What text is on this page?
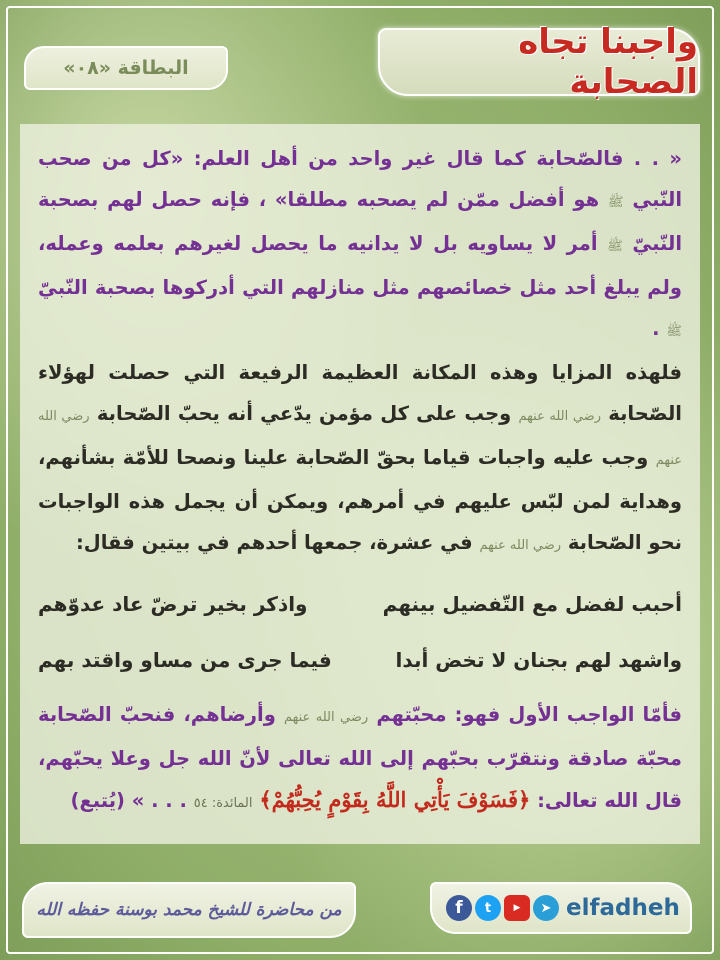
واجبنا تجاه الصحابة
البطاقة «٠٨»

« . . فالصّحابة كما قال غير واحد من أهل العلم: «كل من صحب النّبي ﷺ هو أفضل ممّن لم يصحبه مطلقا» ، فإنه حصل لهم بصحبة النّبيّ ﷺ أمر لا يساويه بل لا يدانيه ما يحصل لغيرهم بعلمه وعمله، ولم يبلغ أحد مثل خصائصهم مثل منازلهم التي أدركوها بصحبة النّبيّ ﷺ .

فلهذه المزايا وهذه المكانة العظيمة الرفيعة التي حصلت لهؤلاء الصّحابة رضي الله عنهم وجب على كل مؤمن يدّعي أنه يحبّ الصّحابة رضي الله عنهم وجب عليه واجبات قياما بحقّ الصّحابة علينا ونصحا للأمّة بشأنهم، وهداية لمن لبّس عليهم في أمرهم، ويمكن أن يجمل هذه الواجبات نحو الصّحابة رضي الله عنهم في عشرة، جمعها أحدهم في بيتين فقال:

أحبب لفضل مع التّفضيل بينهم
واذكر بخير ترضّ عاد عدوّهم
واشهد لهم بجنان لا تخض أبدا
فيما جرى من مساو واقتد بهم

فأمّا الواجب الأول فهو: محبّتهم رضي الله عنهم وأرضاهم، فنحبّ الصّحابة محبّة صادقة ونتقرّب بحبّهم إلى الله تعالى لأنّ الله جل وعلا يحبّهم، قال الله تعالى: ﴿فَسَوْفَ يَأْتِي اللَّهُ بِقَوْمٍ يُحِبُّهُمْ﴾ المائدة: ٥٤ . . . » (يُتبع)

من محاضرة للشيخ محمد بوسنة حفظه الله	f	t	▶	➤ elfadheh
